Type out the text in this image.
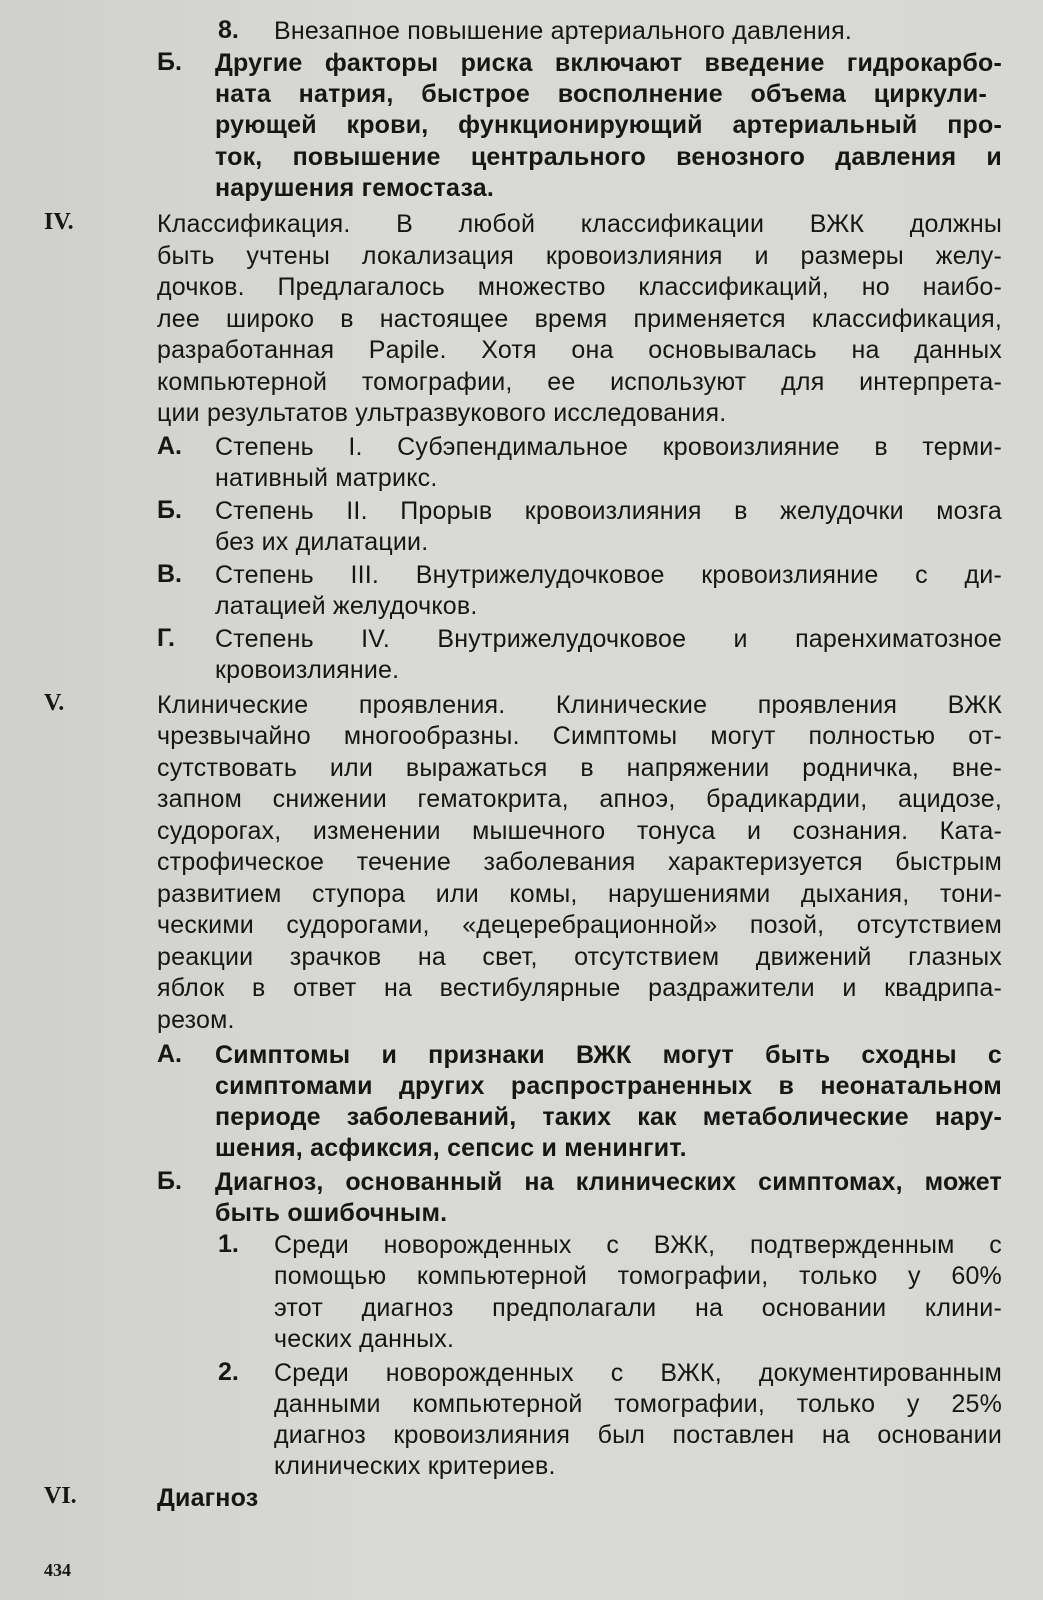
8.
Б.
IV.
А.
Б.
В.
Г.
V.
А.
Б.
1.
2.
VI.
Внезапное повышение артериального давления.
Другие факторы риска включают введение гидрокарбо-
ната натрия, быстрое восполнение объема циркули-
рующей крови, функционирующий артериальный про-
ток, повышение центрального венозного давления и
нарушения гемостаза.
Классификация. В любой классификации ВЖК должны
быть учтены локализация кровоизлияния и размеры желу-
дочков. Предлагалось множество классификаций, но наибо-
лее широко в настоящее время применяется классификация,
разработанная Papile. Хотя она основывалась на данных
компьютерной томографии, ее используют для интерпрета-
ции результатов ультразвукового исследования.
Степень I. Субэпендимальное кровоизлияние в терми-
нативный матрикс.
Степень II. Прорыв кровоизлияния в желудочки мозга
без их дилатации.
Степень III. Внутрижелудочковое кровоизлияние с ди-
латацией желудочков.
Степень IV. Внутрижелудочковое и паренхиматозное
кровоизлияние.
Клинические проявления. Клинические проявления ВЖК
чрезвычайно многообразны. Симптомы могут полностью от-
сутствовать или выражаться в напряжении родничка, вне-
запном снижении гематокрита, апноэ, брадикардии, ацидозе,
судорогах, изменении мышечного тонуса и сознания. Ката-
строфическое течение заболевания характеризуется быстрым
развитием ступора или комы, нарушениями дыхания, тони-
ческими судорогами, «децеребрационной» позой, отсутствием
реакции зрачков на свет, отсутствием движений глазных
яблок в ответ на вестибулярные раздражители и квадрипа-
резом.
Симптомы и признаки ВЖК могут быть сходны с
симптомами других распространенных в неонатальном
периоде заболеваний, таких как метаболические нару-
шения, асфиксия, сепсис и менингит.
Диагноз, основанный на клинических симптомах, может
быть ошибочным.
Среди новорожденных с ВЖК, подтвержденным с
помощью компьютерной томографии, только у 60%
этот диагноз предполагали на основании клини-
ческих данных.
Среди новорожденных с ВЖК, документированным
данными компьютерной томографии, только у 25%
диагноз кровоизлияния был поставлен на основании
клинических критериев.
Диагноз
434
